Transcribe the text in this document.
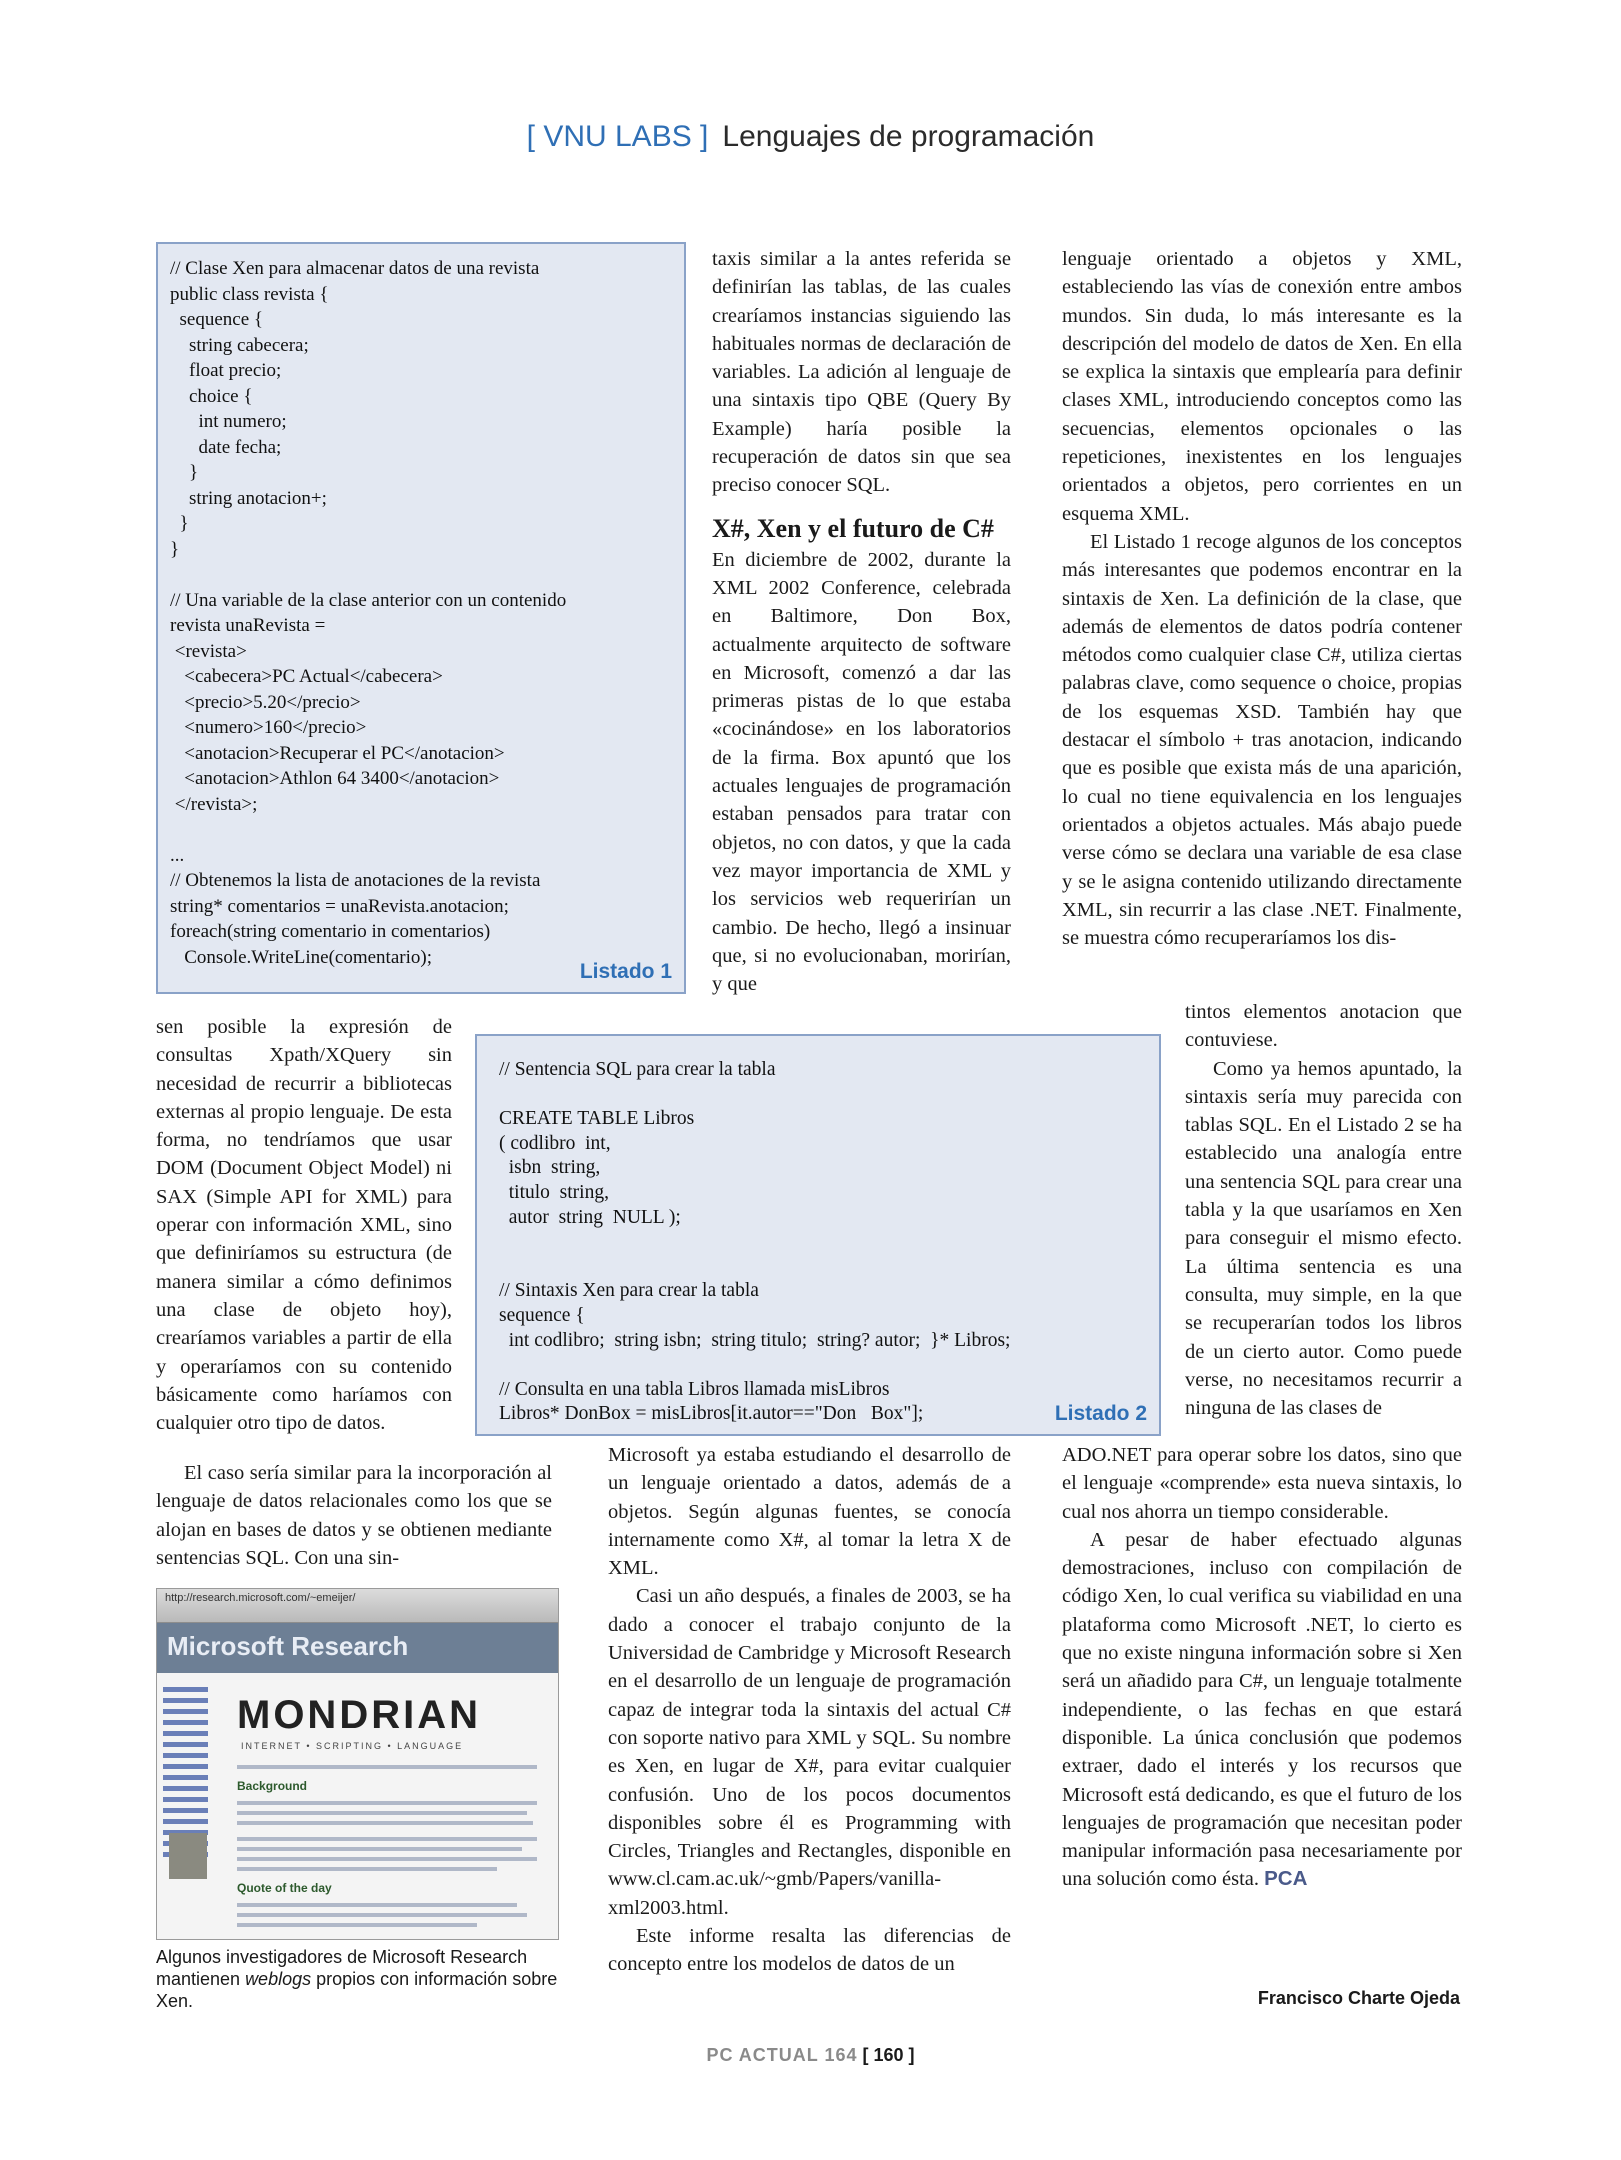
[ VNU LABS ] Lenguajes de programación
// Clase Xen para almacenar datos de una revista
public class revista {
sequence {
string cabecera;
float precio;
choice {
int numero;
date fecha;
}
string anotacion+;
}
}

// Una variable de la clase anterior con un contenido
revista unaRevista =
<revista>
<cabecera>PC Actual</cabecera>
<precio>5.20</precio>
<numero>160</precio>
<anotacion>Recuperar el PC</anotacion>
<anotacion>Athlon 64 3400</anotacion>
</revista>;

...
// Obtenemos la lista de anotaciones de la revista
string* comentarios = unaRevista.anotacion;
foreach(string comentario in comentarios)
Console.WriteLine(comentario);
Listado 1

sen posible la expresión de consultas Xpath/XQuery sin necesidad de recurrir a bibliotecas externas al propio lenguaje. De esta forma, no tendríamos que usar DOM (Document Object Model) ni SAX (Simple API for XML) para operar con información XML, sino que definiríamos su estructura (de manera similar a cómo definimos una clase de objeto hoy), crearíamos variables a partir de ella y operaríamos con su contenido básicamente como haríamos con cualquier otro tipo de datos.

El caso sería similar para la incorporación al lenguaje de datos relacionales como los que se alojan en bases de datos y se obtienen mediante sentencias SQL. Con una sin-

http://research.microsoft.com/~emeijer/
Microsoft Research
MONDRIAN
INTERNET • SCRIPTING • LANGUAGE
Background
Quote of the day
Algunos investigadores de Microsoft Research mantienen weblogs propios con información sobre Xen.

taxis similar a la antes referida se definirían las tablas, de las cuales crearíamos instancias siguiendo las habituales normas de declaración de variables. La adición al lenguaje de una sintaxis tipo QBE (Query By Example) haría posible la recuperación de datos sin que sea preciso conocer SQL.

X#, Xen y el futuro de C#

En diciembre de 2002, durante la XML 2002 Conference, celebrada en Baltimore, Don Box, actualmente arquitecto de software en Microsoft, comenzó a dar las primeras pistas de lo que estaba «cocinándose» en los laboratorios de la firma. Box apuntó que los actuales lenguajes de programación estaban pensados para tratar con objetos, no con datos, y que la cada vez mayor importancia de XML y los servicios web requerirían un cambio. De hecho, llegó a insinuar que, si no evolucionaban, morirían, y que

// Sentencia SQL para crear la tabla

CREATE TABLE Libros
( codlibro  int,
isbn  string,
titulo  string,
autor  string  NULL );

// Sintaxis Xen para crear la tabla
sequence {
int codlibro;  string isbn;  string titulo;  string? autor;  }* Libros;

// Consulta en una tabla Libros llamada misLibros
Libros* DonBox = misLibros[it.autor=="Don   Box"];	Listado 2

Microsoft ya estaba estudiando el desarrollo de un lenguaje orientado a datos, además de a objetos. Según algunas fuentes, se conocía internamente como X#, al tomar la letra X de XML.

Casi un año después, a finales de 2003, se ha dado a conocer el trabajo conjunto de la Universidad de Cambridge y Microsoft Research en el desarrollo de un lenguaje de programación capaz de integrar toda la sintaxis del actual C# con soporte nativo para XML y SQL. Su nombre es Xen, en lugar de X#, para evitar cualquier confusión. Uno de los pocos documentos disponibles sobre él es Programming with Circles, Triangles and Rectangles, disponible en www.cl.cam.ac.uk/~gmb/Papers/vanilla-xml2003.html.

Este informe resalta las diferencias de concepto entre los modelos de datos de un

lenguaje orientado a objetos y XML, estableciendo las vías de conexión entre ambos mundos. Sin duda, lo más interesante es la descripción del modelo de datos de Xen. En ella se explica la sintaxis que emplearía para definir clases XML, introduciendo conceptos como las secuencias, elementos opcionales o las repeticiones, inexistentes en los lenguajes orientados a objetos, pero corrientes en un esquema XML.

El Listado 1 recoge algunos de los conceptos más interesantes que podemos encontrar en la sintaxis de Xen. La definición de la clase, que además de elementos de datos podría contener métodos como cualquier clase C#, utiliza ciertas palabras clave, como sequence o choice, propias de los esquemas XSD. También hay que destacar el símbolo + tras anotacion, indicando que es posible que exista más de una aparición, lo cual no tiene equivalencia en los lenguajes orientados a objetos actuales. Más abajo puede verse cómo se declara una variable de esa clase y se le asigna contenido utilizando directamente XML, sin recurrir a las clase .NET. Finalmente, se muestra cómo recuperaríamos los dis-

tintos elementos anotacion que contuviese.

Como ya hemos apuntado, la sintaxis sería muy parecida con tablas SQL. En el Listado 2 se ha establecido una analogía entre una sentencia SQL para crear una tabla y la que usaríamos en Xen para conseguir el mismo efecto. La última sentencia es una consulta, muy simple, en la que se recuperarían todos los libros de un cierto autor. Como puede verse, no necesitamos recurrir a ninguna de las clases de

ADO.NET para operar sobre los datos, sino que el lenguaje «comprende» esta nueva sintaxis, lo cual nos ahorra un tiempo considerable.

A pesar de haber efectuado algunas demostraciones, incluso con compilación de código Xen, lo cual verifica su viabilidad en una plataforma como Microsoft .NET, lo cierto es que no existe ninguna información sobre si Xen será un añadido para C#, un lenguaje totalmente independiente, o las fechas en que estará disponible. La única conclusión que podemos extraer, dado el interés y los recursos que Microsoft está dedicando, es que el futuro de los lenguajes de programación que necesitan poder manipular información pasa necesariamente por una solución como ésta. PCA

Francisco Charte Ojeda
PC ACTUAL 164 [ 160 ]
